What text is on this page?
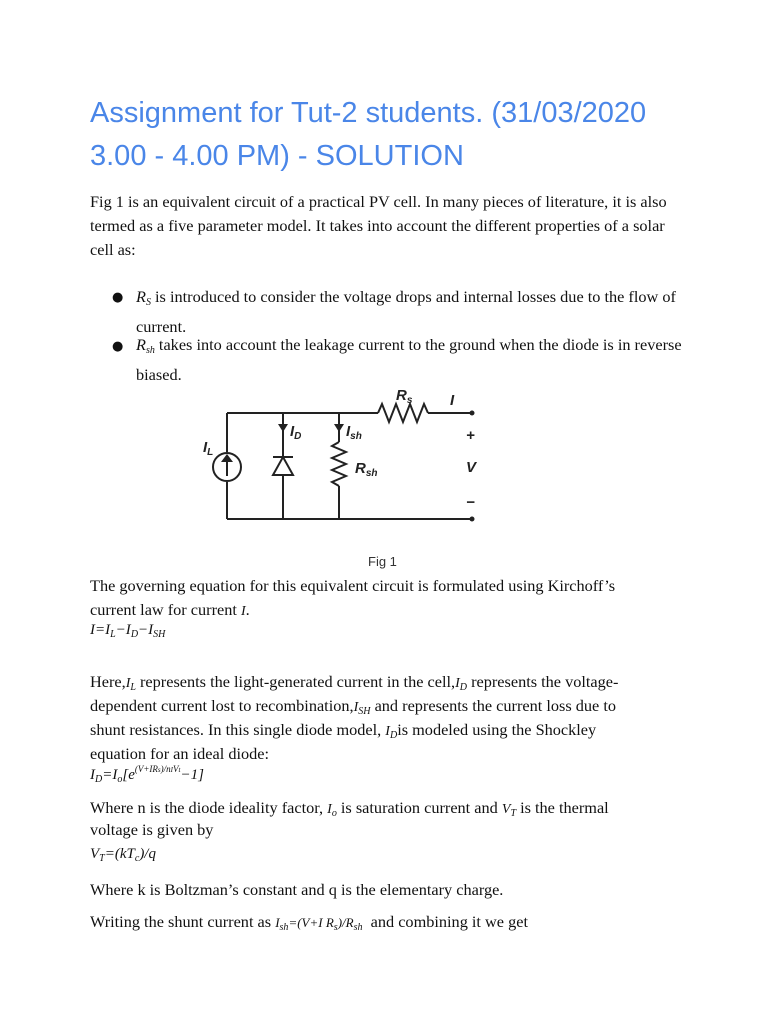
Assignment for Tut-2 students. (31/03/2020 3.00 - 4.00 PM) - SOLUTION
Fig 1 is an equivalent circuit of a practical PV cell. In many pieces of literature, it is also termed as a five parameter model. It takes into account the different properties of a solar cell as:
● $R_S$ is introduced to consider the voltage drops and internal losses due to the flow of current.
● $R_{sh}$ takes into account the leakage current to the ground when the diode is in reverse biased.
$R_s$	I
$I_D$	$I_{sh}$
$I_L$
$R_{sh}$
+
V
−
Fig 1
The governing equation for this equivalent circuit is formulated using Kirchoff’s
current law for current I.
$I=I_L-I_D-I_{SH}$
$Here,I_L$ represents the light-generated current in the $cell,I_D$ represents the voltage-
dependent current lost to $recombination,I_{SH}$ and represents the current loss due to
shunt resistances. In this single diode model, $I_Dis$ modeled using the Shockley
equation for an ideal diode:
$I_D=I_o[e^{(V+IRs)/nIVt}-1]$
Where n is the diode ideality factor, $I_o$ is saturation current and $V_T$ is the thermal
voltage is given by
$V_T=(kT_c)/q$
Where k is Boltzman’s constant and q is the elementary charge.
Writing the shunt current as $I_{sh}=(V+I$ $R_s)/R_{sh}$ and combining it we get
